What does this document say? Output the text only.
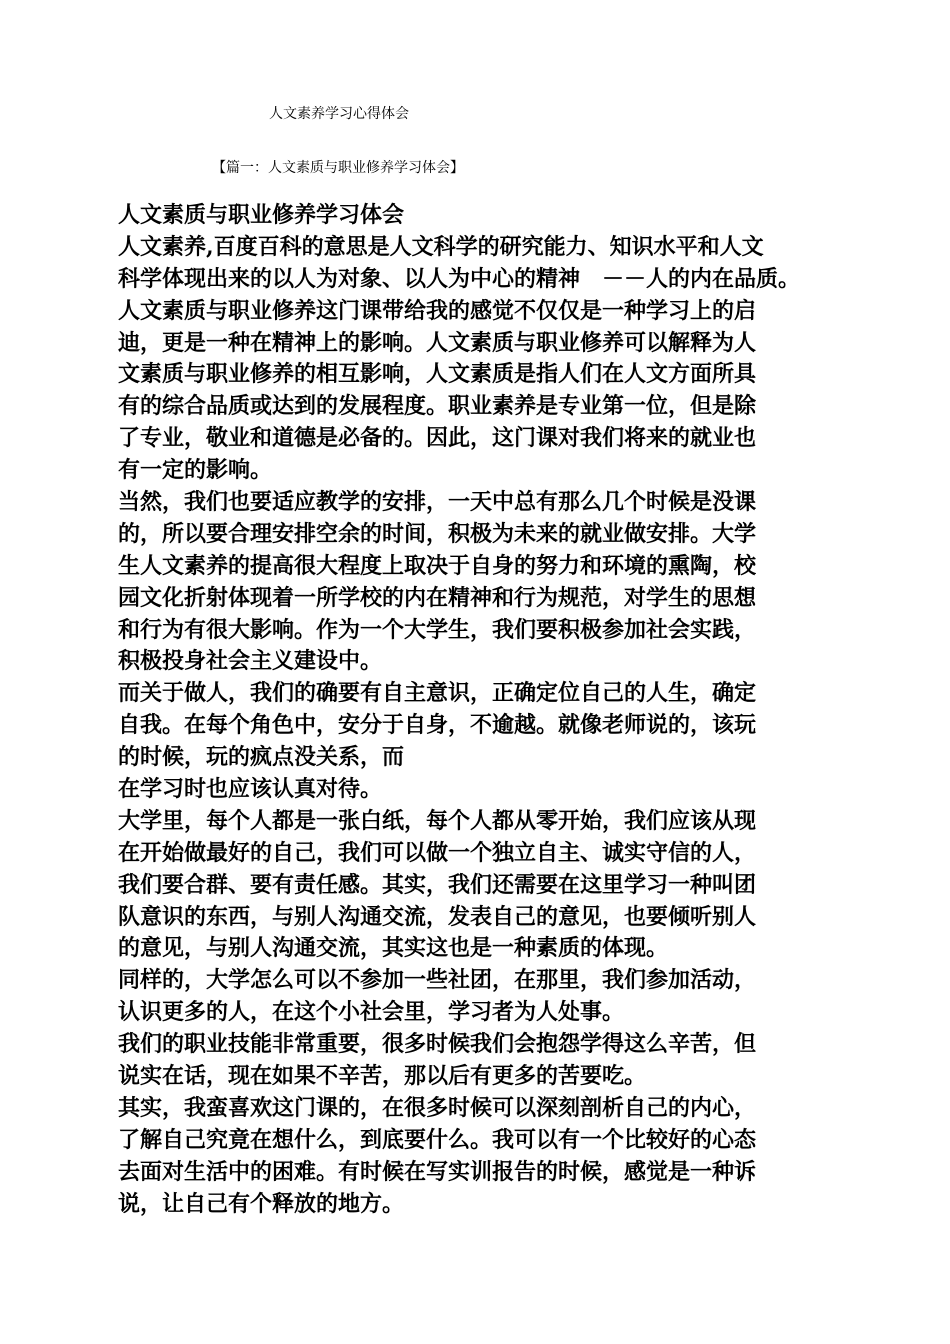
人文素养学习心得体会
【篇一：人文素质与职业修养学习体会】
人文素质与职业修养学习体会
人文素养,百度百科的意思是人文科学的研究能力、知识水平和人文
科学体现出来的以人为对象、以人为中心的精神　－－人的内在品质。
人文素质与职业修养这门课带给我的感觉不仅仅是一种学习上的启
迪，更是一种在精神上的影响。人文素质与职业修养可以解释为人
文素质与职业修养的相互影响，人文素质是指人们在人文方面所具
有的综合品质或达到的发展程度。职业素养是专业第一位，但是除
了专业，敬业和道德是必备的。因此，这门课对我们将来的就业也
有一定的影响。
当然，我们也要适应教学的安排，一天中总有那么几个时候是没课
的，所以要合理安排空余的时间，积极为未来的就业做安排。大学
生人文素养的提高很大程度上取决于自身的努力和环境的熏陶，校
园文化折射体现着一所学校的内在精神和行为规范，对学生的思想
和行为有很大影响。作为一个大学生，我们要积极参加社会实践，
积极投身社会主义建设中。
而关于做人，我们的确要有自主意识，正确定位自己的人生，确定
自我。在每个角色中，安分于自身，不逾越。就像老师说的，该玩
的时候，玩的疯点没关系，而
在学习时也应该认真对待。
大学里，每个人都是一张白纸，每个人都从零开始，我们应该从现
在开始做最好的自己，我们可以做一个独立自主、诚实守信的人，
我们要合群、要有责任感。其实，我们还需要在这里学习一种叫团
队意识的东西，与别人沟通交流，发表自己的意见，也要倾听别人
的意见，与别人沟通交流，其实这也是一种素质的体现。
同样的，大学怎么可以不参加一些社团，在那里，我们参加活动，
认识更多的人，在这个小社会里，学习者为人处事。
我们的职业技能非常重要，很多时候我们会抱怨学得这么辛苦，但
说实在话，现在如果不辛苦，那以后有更多的苦要吃。
其实，我蛮喜欢这门课的，在很多时候可以深刻剖析自己的内心，
了解自己究竟在想什么，到底要什么。我可以有一个比较好的心态
去面对生活中的困难。有时候在写实训报告的时候，感觉是一种诉
说，让自己有个释放的地方。
